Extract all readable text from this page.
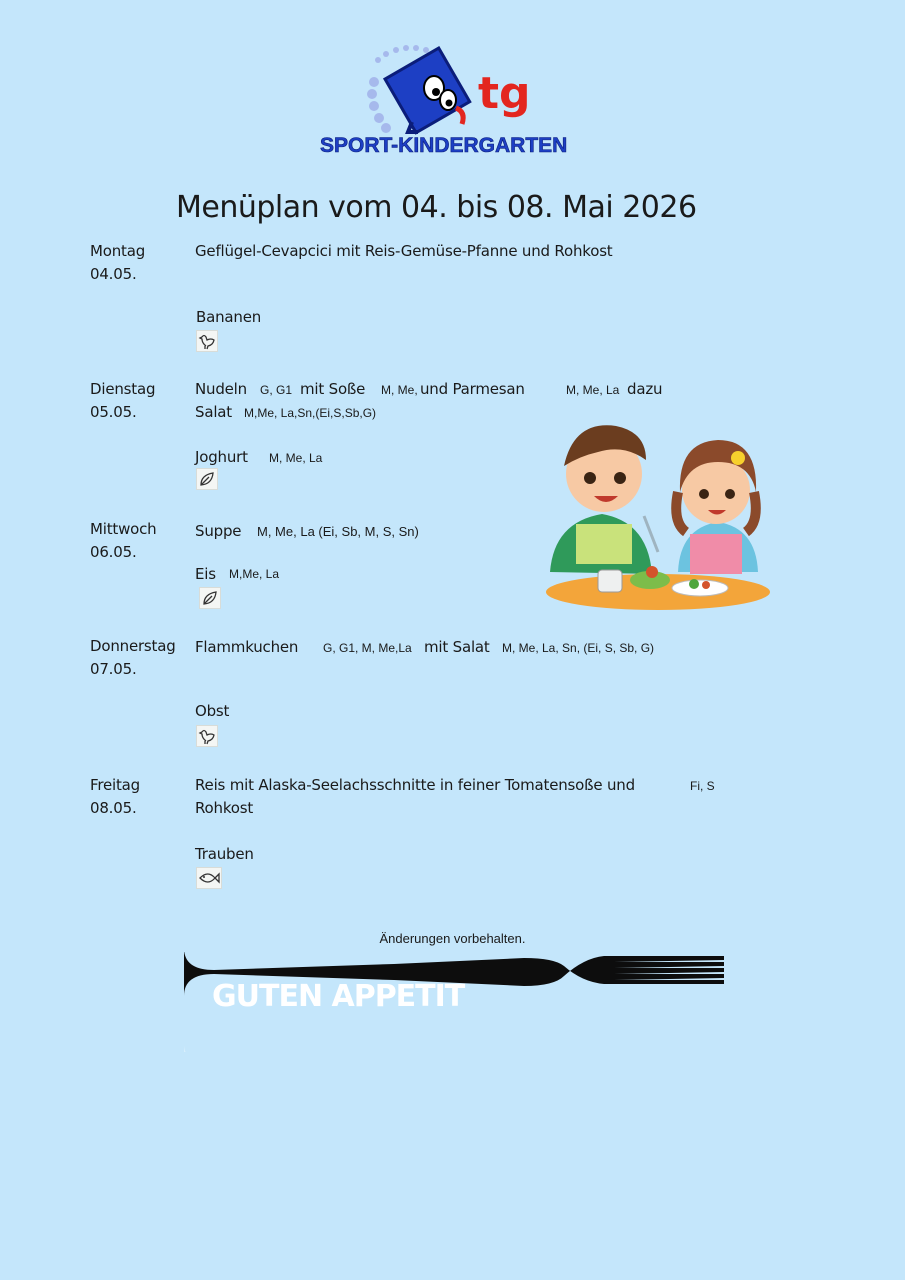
tg
SPORT-KINDERGARTEN
Menüplan vom 04. bis 08. Mai 2026
Montag
04.05.
Geflügel-Cevapcici mit Reis-Gemüse-Pfanne und Rohkost
Bananen
Dienstag
05.05.
Nudeln G, G1 mit Soße M, Me, und Parmesan	M, Me, La dazu
Salat M,Me, La,Sn,(Ei,S,Sb,G)
Joghurt M, Me, La
Mittwoch
06.05.
Suppe M, Me, La (Ei, Sb, M, S, Sn)
Eis M,Me, La
Donnerstag
07.05.
Flammkuchen G, G1, M, Me,La mit Salat M, Me, La, Sn, (Ei, S, Sb, G)
Obst
Freitag
08.05.
Reis mit Alaska-Seelachsschnitte in feiner Tomatensoße und
Rohkost
Fi, S
Trauben
Änderungen vorbehalten.
GUTEN APPETIT
